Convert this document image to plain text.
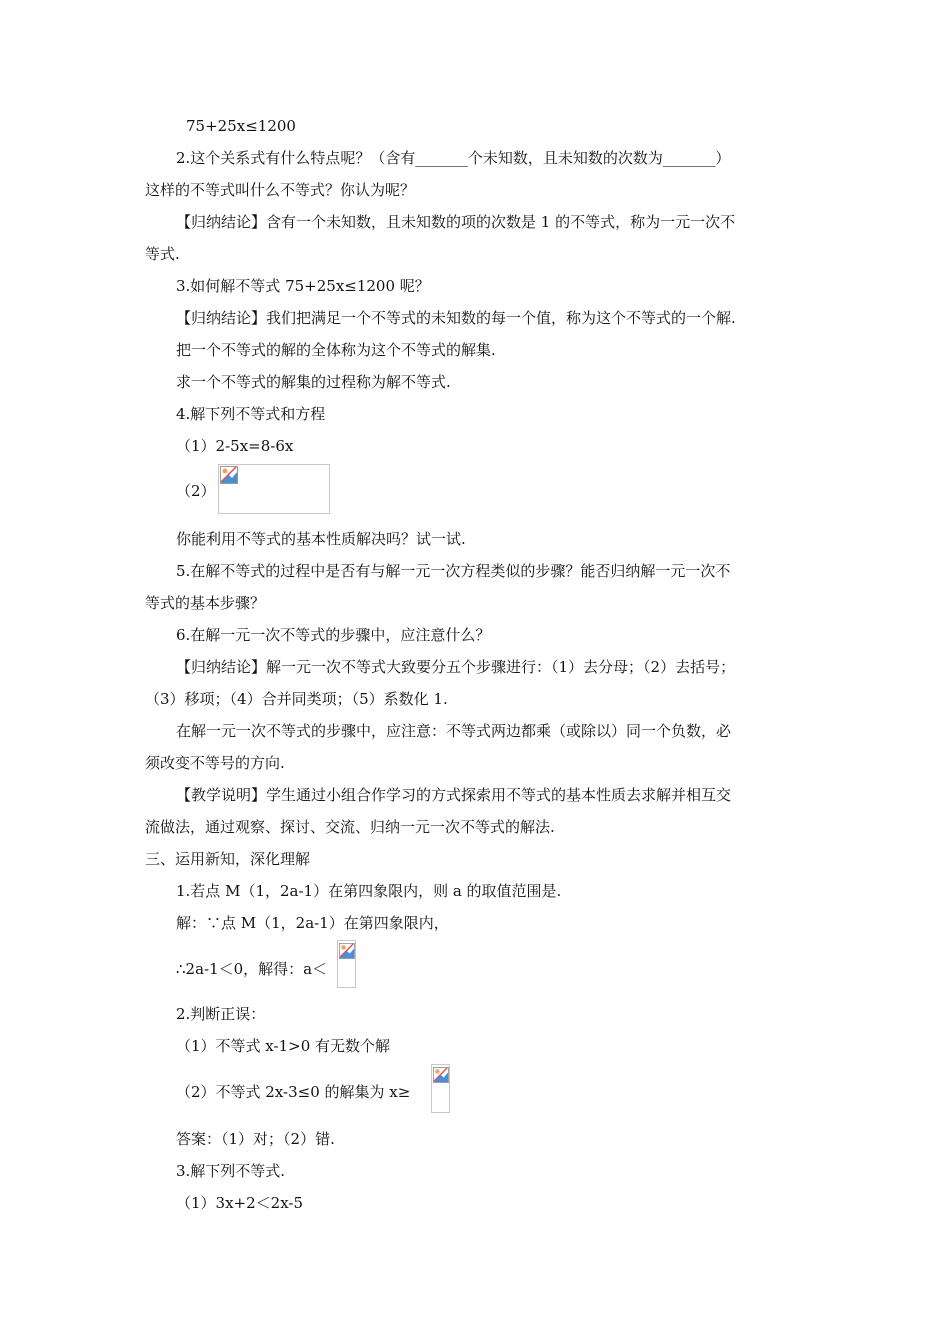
75+25x≤1200
2.这个关系式有什么特点呢？（含有_______个未知数，且未知数的次数为_______）
这样的不等式叫什么不等式？你认为呢？
【归纳结论】含有一个未知数，且未知数的项的次数是 1 的不等式，称为一元一次不
等式.
3.如何解不等式 75+25x≤1200 呢？
【归纳结论】我们把满足一个不等式的未知数的每一个值，称为这个不等式的一个解.
把一个不等式的解的全体称为这个不等式的解集.
求一个不等式的解集的过程称为解不等式.
4.解下列不等式和方程
（1）2-5x=8-6x
（2）
你能利用不等式的基本性质解决吗？试一试.
5.在解不等式的过程中是否有与解一元一次方程类似的步骤？能否归纳解一元一次不
等式的基本步骤？
6.在解一元一次不等式的步骤中，应注意什么？
【归纳结论】解一元一次不等式大致要分五个步骤进行：（1）去分母；（2）去括号；
（3）移项；（4）合并同类项；（5）系数化 1.
在解一元一次不等式的步骤中，应注意：不等式两边都乘（或除以）同一个负数，必
须改变不等号的方向.
【教学说明】学生通过小组合作学习的方式探索用不等式的基本性质去求解并相互交
流做法，通过观察、探讨、交流、归纳一元一次不等式的解法.
三、运用新知，深化理解
1.若点 M（1，2a-1）在第四象限内，则 a 的取值范围是.
解：∵点 M（1，2a-1）在第四象限内，
∴2a-1＜0，解得：a＜
2.判断正误：
（1）不等式 x-1>0 有无数个解
（2）不等式 2x-3≤0 的解集为 x≥
答案：（1）对；（2）错.
3.解下列不等式.
（1）3x+2＜2x-5
